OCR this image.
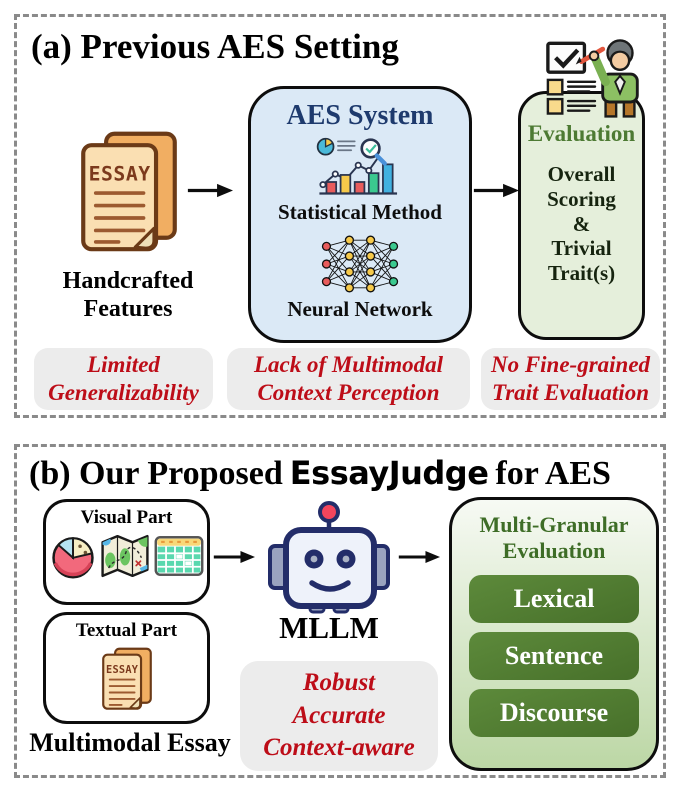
(a) Previous AES Setting
Handcrafted
Features
AES System
Statistical Method
Neural Network
Evaluation
Overall
Scoring
&
Trivial
Trait(s)
Limited
Generalizability
Lack of Multimodal
Context Perception
No Fine-grained
Trait Evaluation
(b) Our Proposed EssayJudge for AES
Visual Part
Textual Part
Multimodal Essay
MLLM
Robust
Accurate
Context-aware
Multi-Granular
Evaluation
Lexical
Sentence
Discourse
